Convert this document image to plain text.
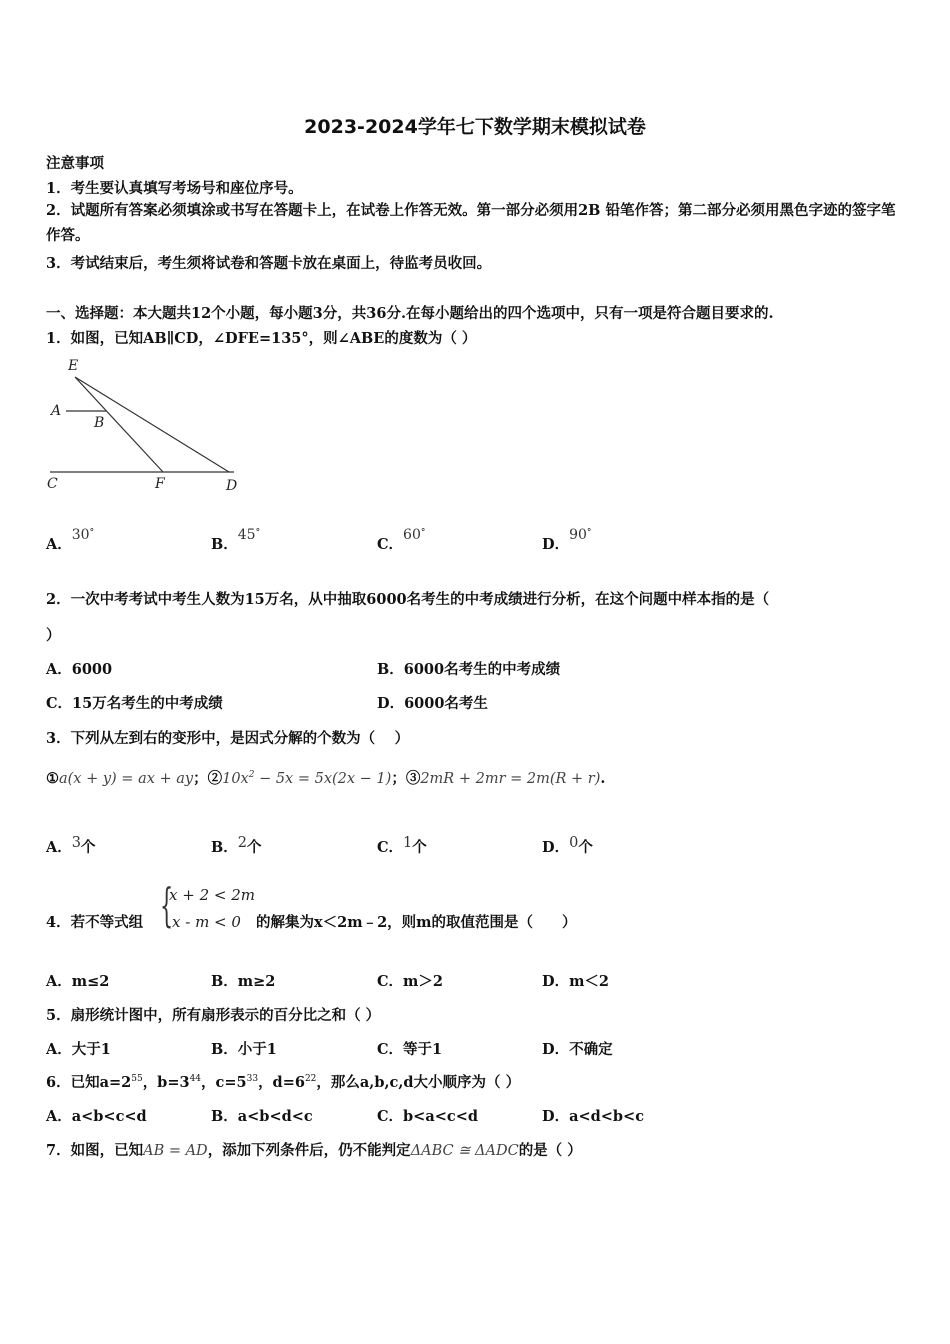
2023-2024学年七下数学期末模拟试卷
注意事项
1．考生要认真填写考场号和座位序号。
2．试题所有答案必须填涂或书写在答题卡上，在试卷上作答无效。第一部分必须用2B 铅笔作答；第二部分必须用黑色字迹的签字笔作答。
3．考试结束后，考生须将试卷和答题卡放在桌面上，待监考员收回。
一、选择题：本大题共12个小题，每小题3分，共36分.在每小题给出的四个选项中，只有一项是符合题目要求的.
1．如图，已知AB∥CD，∠DFE=135°，则∠ABE的度数为（ ）
E
A
B
C	F	D
A．30°
B．45°
C．60°
D．90°
2．一次中考考试中考生人数为15万名，从中抽取6000名考生的中考成绩进行分析，在这个问题中样本指的是（
）
A．6000	B．6000名考生的中考成绩
C．15万名考生的中考成绩	D．6000名考生
3．下列从左到右的变形中，是因式分解的个数为（　 ）
①a(x + y) = ax + ay；$②10x^2 - 5x = 5x(2x - 1)$；③2mR + 2mr = 2m(R + r).
A．3个	B．2个	C．1个	D．0个
4．若不等式组 {
x + 2 < 2m
x - m < 0 的解集为x＜2m﹣2，则m的取值范围是（　　）
A．m≤2	B．m≥2	C．m＞2	D．m＜2
5．扇形统计图中，所有扇形表示的百分比之和（ ）
A．大于1	B．小于1	C．等于1	D．不确定
6．已知$a=2^{55}$，$b=3^{44}$，$c=5^{33}$，$d=6^{22}$，那么a,b,c,d大小顺序为（ ）
A．a<b<c<d	B．a<b<d<c	C．b<a<c<d	D．a<d<b<c
7．如图，已知AB = AD，添加下列条件后，仍不能判定ΔABC ≅ ΔADC的是（ ）
